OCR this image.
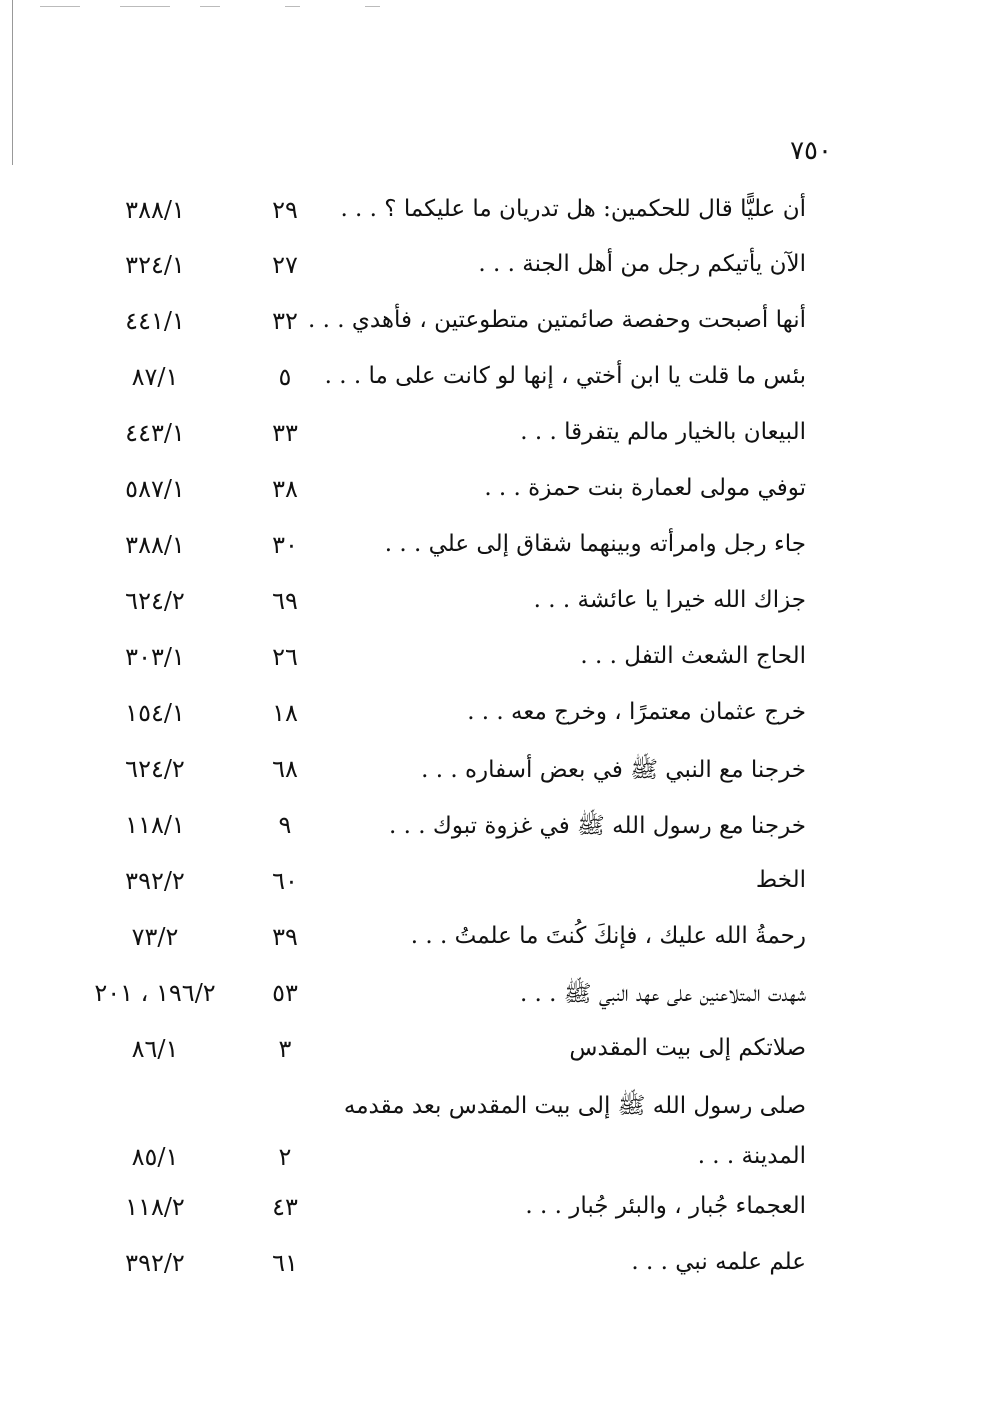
٧٥٠
أن عليًّا قال للحكمين: هل تدريان ما عليكما ؟ . . .
٢٩
٣٨٨/١
الآن يأتيكم رجل من أهل الجنة . . .
٢٧
٣٢٤/١
أنها أصبحت وحفصة صائمتين متطوعتين ، فأهدي . . .
٣٢
٤٤١/١
بئس ما قلت يا ابن أختي ، إنها لو كانت على ما . . .
٥
٨٧/١
البيعان بالخيار مالم يتفرقا . . .
٣٣
٤٤٣/١
توفي مولى لعمارة بنت حمزة . . .
٣٨
٥٨٧/١
جاء رجل وامرأته وبينهما شقاق إلى علي . . .
٣٠
٣٨٨/١
جزاك الله خيرا يا عائشة . . .
٦٩
٦٢٤/٢
الحاج الشعث التفل . . .
٢٦
٣٠٣/١
خرج عثمان معتمرًا ، وخرج معه . . .
١٨
١٥٤/١
خرجنا مع النبي ﷺ في بعض أسفاره . . .
٦٨
٦٢٤/٢
خرجنا مع رسول الله ﷺ في غزوة تبوك . . .
٩
١١٨/١
الخط
٦٠
٣٩٢/٢
رحمةُ الله عليك ، فإنكَ كُنتَ ما علمتُ . . .
٣٩
٧٣/٢
شهدت المتلاعنين على عهد النبي ﷺ . . .
٥٣
١٩٦/٢ ، ٢٠١
صلاتكم إلى بيت المقدس
٣
٨٦/١
صلى رسول الله ﷺ إلى بيت المقدس بعد مقدمه
المدينة . . .
٢
٨٥/١
العجماء جُبار ، والبئر جُبار . . .
٤٣
١١٨/٢
علم علمه نبي . . .
٦١
٣٩٢/٢
